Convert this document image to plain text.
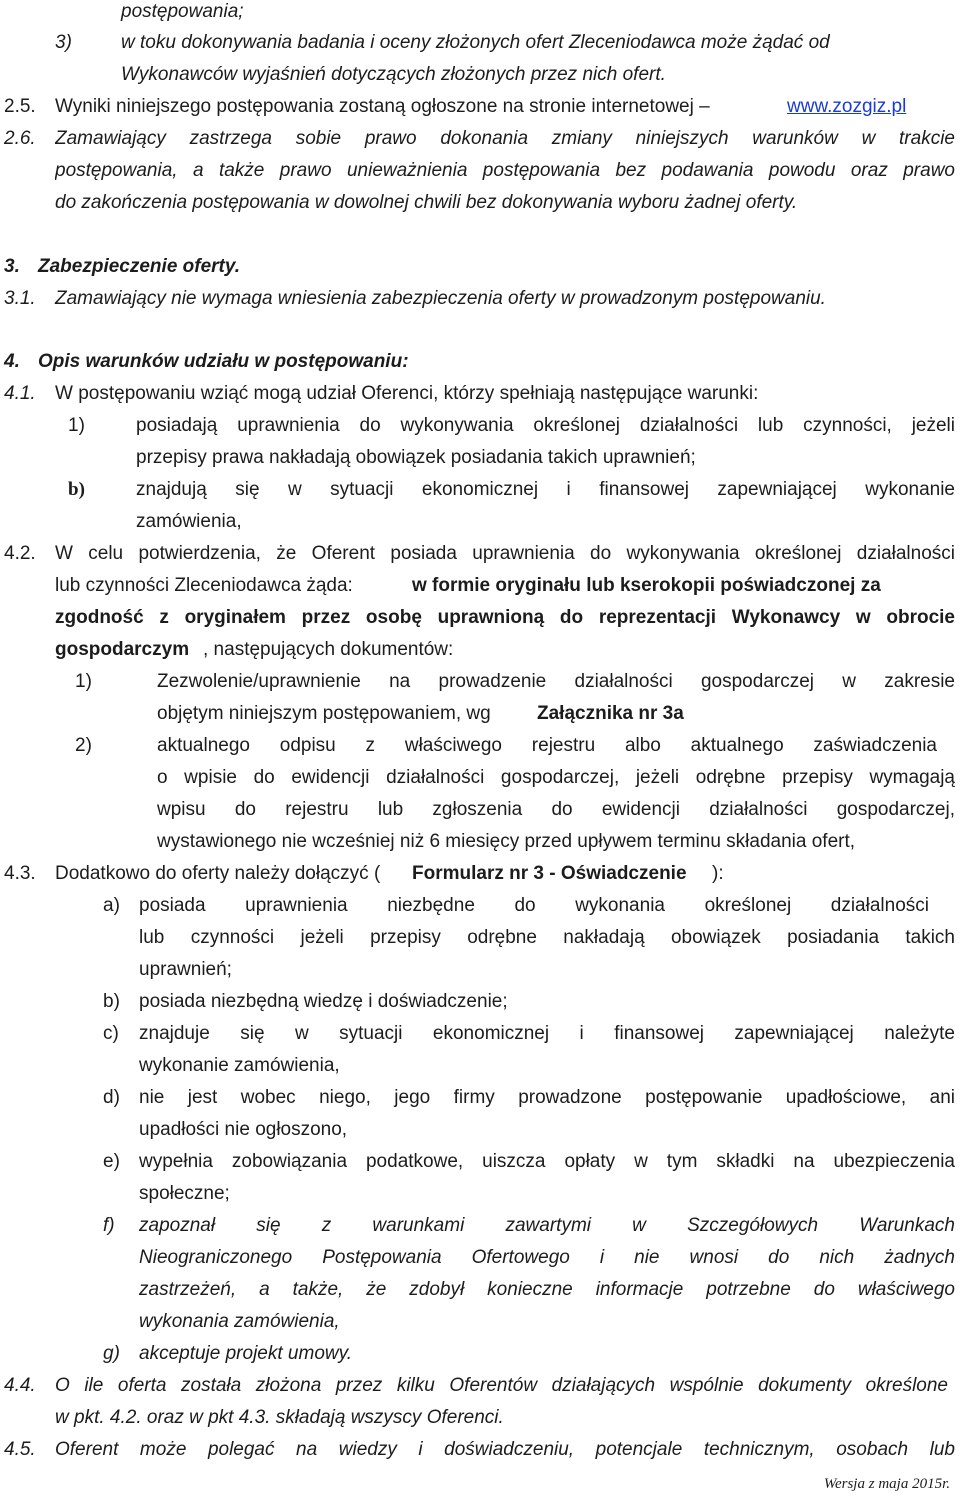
postępowania;
3)	w toku dokonywania badania i oceny złożonych ofert Zleceniodawca może żądać od
Wykonawców wyjaśnień dotyczących złożonych przez nich ofert.
2.5. Wyniki niniejszego postępowania zostaną ogłoszone na stronie internetowej –	www.zozgiz.pl
2.6. Zamawiający zastrzega sobie prawo dokonania zmiany niniejszych warunków w trakcie
postępowania, a także prawo unieważnienia postępowania bez podawania powodu oraz prawo
do zakończenia postępowania w dowolnej chwili bez dokonywania wyboru żadnej oferty.
3. Zabezpieczenie oferty.
3.1. Zamawiający nie wymaga wniesienia zabezpieczenia oferty w prowadzonym postępowaniu.
4. Opis warunków udziału w postępowaniu:
4.1. W postępowaniu wziąć mogą udział Oferenci, którzy spełniają następujące warunki:
1)	posiadają uprawnienia do wykonywania określonej działalności lub czynności, jeżeli
przepisy prawa nakładają obowiązek posiadania takich uprawnień;
b)	znajdują się w sytuacji ekonomicznej i finansowej zapewniającej wykonanie
zamówienia,
4.2. W celu potwierdzenia, że Oferent posiada uprawnienia do wykonywania określonej działalności
lub czynności Zleceniodawca żąda:	w formie oryginału lub kserokopii poświadczonej za
zgodność z oryginałem przez osobę uprawnioną do reprezentacji Wykonawcy w obrocie
gospodarczym , następujących dokumentów:
1)	Zezwolenie/uprawnienie na prowadzenie działalności gospodarczej w zakresie
objętym niniejszym postępowaniem, wg Załącznika nr 3a
2)	aktualnego odpisu z właściwego rejestru albo aktualnego zaświadczenia
o wpisie do ewidencji działalności gospodarczej, jeżeli odrębne przepisy wymagają
wpisu do rejestru lub zgłoszenia do ewidencji działalności gospodarczej,
wystawionego nie wcześniej niż 6 miesięcy przed upływem terminu składania ofert,
4.3. Dodatkowo do oferty należy dołączyć ( Formularz nr 3 - Oświadczenie ):
a) posiada uprawnienia niezbędne do wykonania określonej działalności
lub czynności jeżeli przepisy odrębne nakładają obowiązek posiadania takich
uprawnień;
b) posiada niezbędną wiedzę i doświadczenie;
c) znajduje się w sytuacji ekonomicznej i finansowej zapewniającej należyte
wykonanie zamówienia,
d) nie jest wobec niego, jego firmy prowadzone postępowanie upadłościowe, ani
upadłości nie ogłoszono,
e) wypełnia zobowiązania podatkowe, uiszcza opłaty w tym składki na ubezpieczenia
społeczne;
f) zapoznał się z warunkami zawartymi w Szczegółowych Warunkach
Nieograniczonego Postępowania Ofertowego i nie wnosi do nich żadnych
zastrzeżeń, a także, że zdobył konieczne informacje potrzebne do właściwego
wykonania zamówienia,
g) akceptuje projekt umowy.
4.4. O ile oferta została złożona przez kilku Oferentów działających wspólnie dokumenty określone
w pkt. 4.2. oraz w pkt 4.3. składają wszyscy Oferenci.
4.5. Oferent może polegać na wiedzy i doświadczeniu, potencjale technicznym, osobach lub
Wersja z maja 2015r.
